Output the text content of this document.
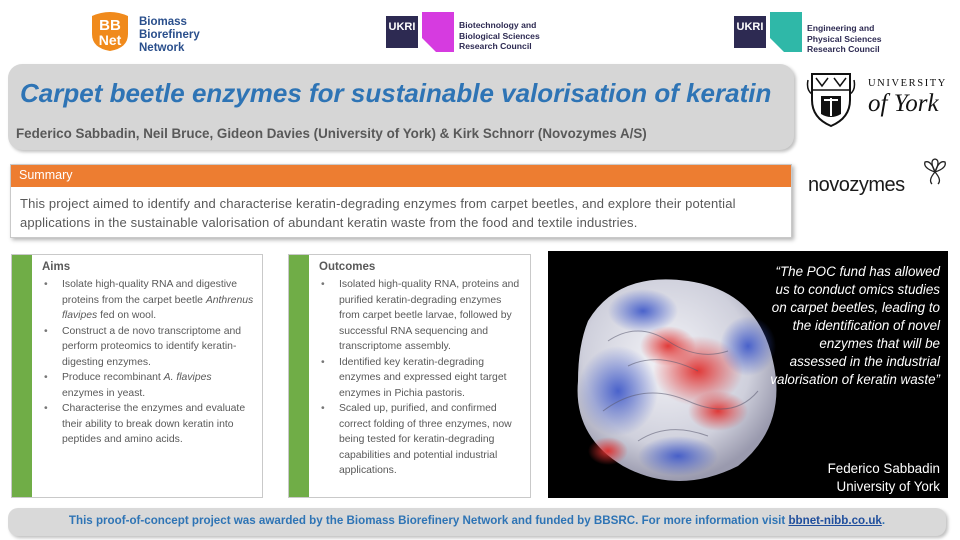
BB
Net
Biomass
Biorefinery
Network
UKRI	Biotechnology and
Biological Sciences
Research Council
UKRI	Engineering and
Physical Sciences
Research Council
Carpet beetle enzymes for sustainable valorisation of keratin
Federico Sabbadin, Neil Bruce, Gideon Davies (University of York) & Kirk Schnorr (Novozymes A/S)
UNIVERSITY
of York
novozymes
Summary
This project aimed to identify and characterise keratin-degrading enzymes from carpet beetles, and explore their potential applications in the sustainable valorisation of abundant keratin waste from the food and textile industries.
Aims
• Isolate high-quality RNA and digestive proteins from the carpet beetle Anthrenus flavipes fed on wool.
• Construct a de novo transcriptome and perform proteomics to identify keratin-digesting enzymes.
• Produce recombinant A. flavipes enzymes in yeast.
• Characterise the enzymes and evaluate their ability to break down keratin into peptides and amino acids.
Outcomes
• Isolated high-quality RNA, proteins and purified keratin-degrading enzymes from carpet beetle larvae, followed by successful RNA sequencing and transcriptome assembly.
• Identified key keratin-degrading enzymes and expressed eight target enzymes in Pichia pastoris.
• Scaled up, purified, and confirmed correct folding of three enzymes, now being tested for keratin-degrading capabilities and potential industrial applications.
“The POC fund has allowed us to conduct omics studies on carpet beetles, leading to the identification of novel enzymes that will be assessed in the industrial valorisation of keratin waste”
Federico Sabbadin
University of York
This proof-of-concept project was awarded by the Biomass Biorefinery Network and funded by BBSRC. For more information visit bbnet-nibb.co.uk.
